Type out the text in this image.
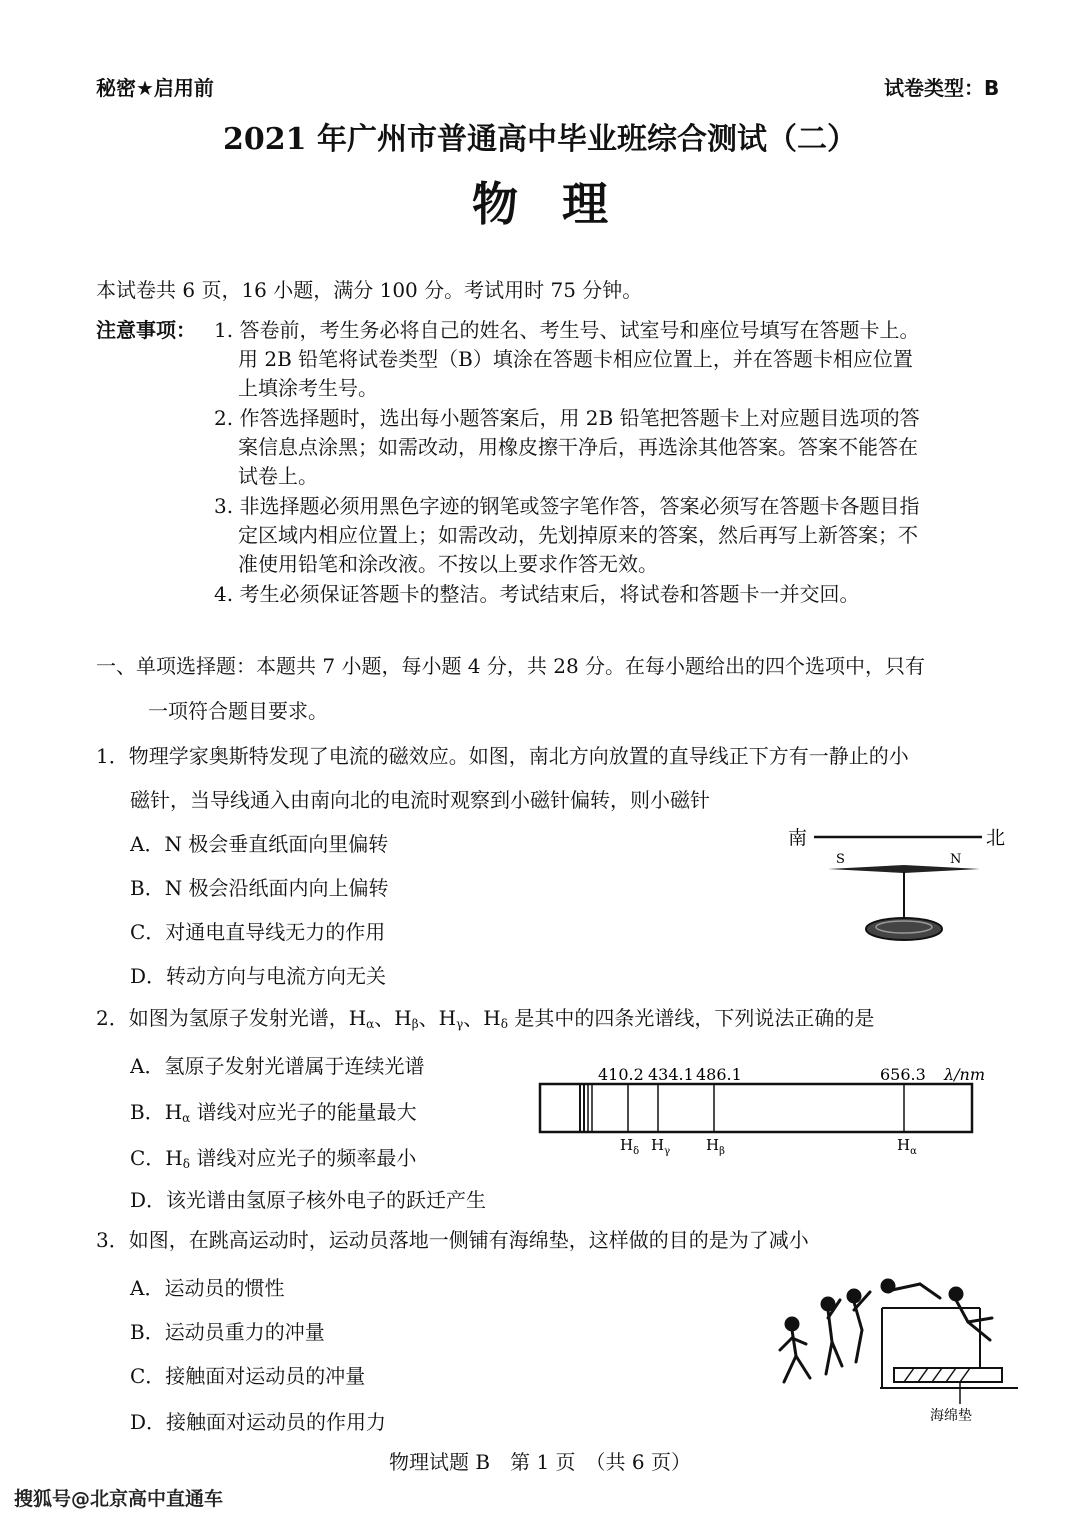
秘密★启用前	试卷类型：B
2021 年广州市普通高中毕业班综合测试（二）
物理
本试卷共 6 页，16 小题，满分 100 分。考试用时 75 分钟。
注意事项： 1. 答卷前，考生务必将自己的姓名、考生号、试室号和座位号填写在答题卡上。
用 2B 铅笔将试卷类型（B）填涂在答题卡相应位置上，并在答题卡相应位置
上填涂考生号。
2. 作答选择题时，选出每小题答案后，用 2B 铅笔把答题卡上对应题目选项的答
案信息点涂黑；如需改动，用橡皮擦干净后，再选涂其他答案。答案不能答在
试卷上。
3. 非选择题必须用黑色字迹的钢笔或签字笔作答，答案必须写在答题卡各题目指
定区域内相应位置上；如需改动，先划掉原来的答案，然后再写上新答案；不
准使用铅笔和涂改液。不按以上要求作答无效。
4. 考生必须保证答题卡的整洁。考试结束后，将试卷和答题卡一并交回。
一、单项选择题：本题共 7 小题，每小题 4 分，共 28 分。在每小题给出的四个选项中，只有
一项符合题目要求。
1．物理学家奥斯特发现了电流的磁效应。如图，南北方向放置的直导线正下方有一静止的小
磁针，当导线通入由南向北的电流时观察到小磁针偏转，则小磁针
A．N 极会垂直纸面向里偏转
B．N 极会沿纸面内向上偏转
C．对通电直导线无力的作用
D．转动方向与电流方向无关
南	北
S	N
2．如图为氢原子发射光谱，$H_\alpha$、$H_\beta$、$H_\gamma$、$H_\delta$ 是其中的四条光谱线，下列说法正确的是
A．氢原子发射光谱属于连续光谱
B．$H_\alpha$ 谱线对应光子的能量最大
C．$H_\delta$ 谱线对应光子的频率最小
D．该光谱由氢原子核外电子的跃迁产生
410.2 434.1 486.1	656.3 λ/nm
$H_\delta$ $H_\gamma$ $H_\beta$	$H_\alpha$
3．如图，在跳高运动时，运动员落地一侧铺有海绵垫，这样做的目的是为了减小
A．运动员的惯性
B．运动员重力的冲量
C．接触面对运动员的冲量
D．接触面对运动员的作用力	海绵垫
物理试题 B　第 1 页　（共 6 页）
搜狐号@北京高中直通车
